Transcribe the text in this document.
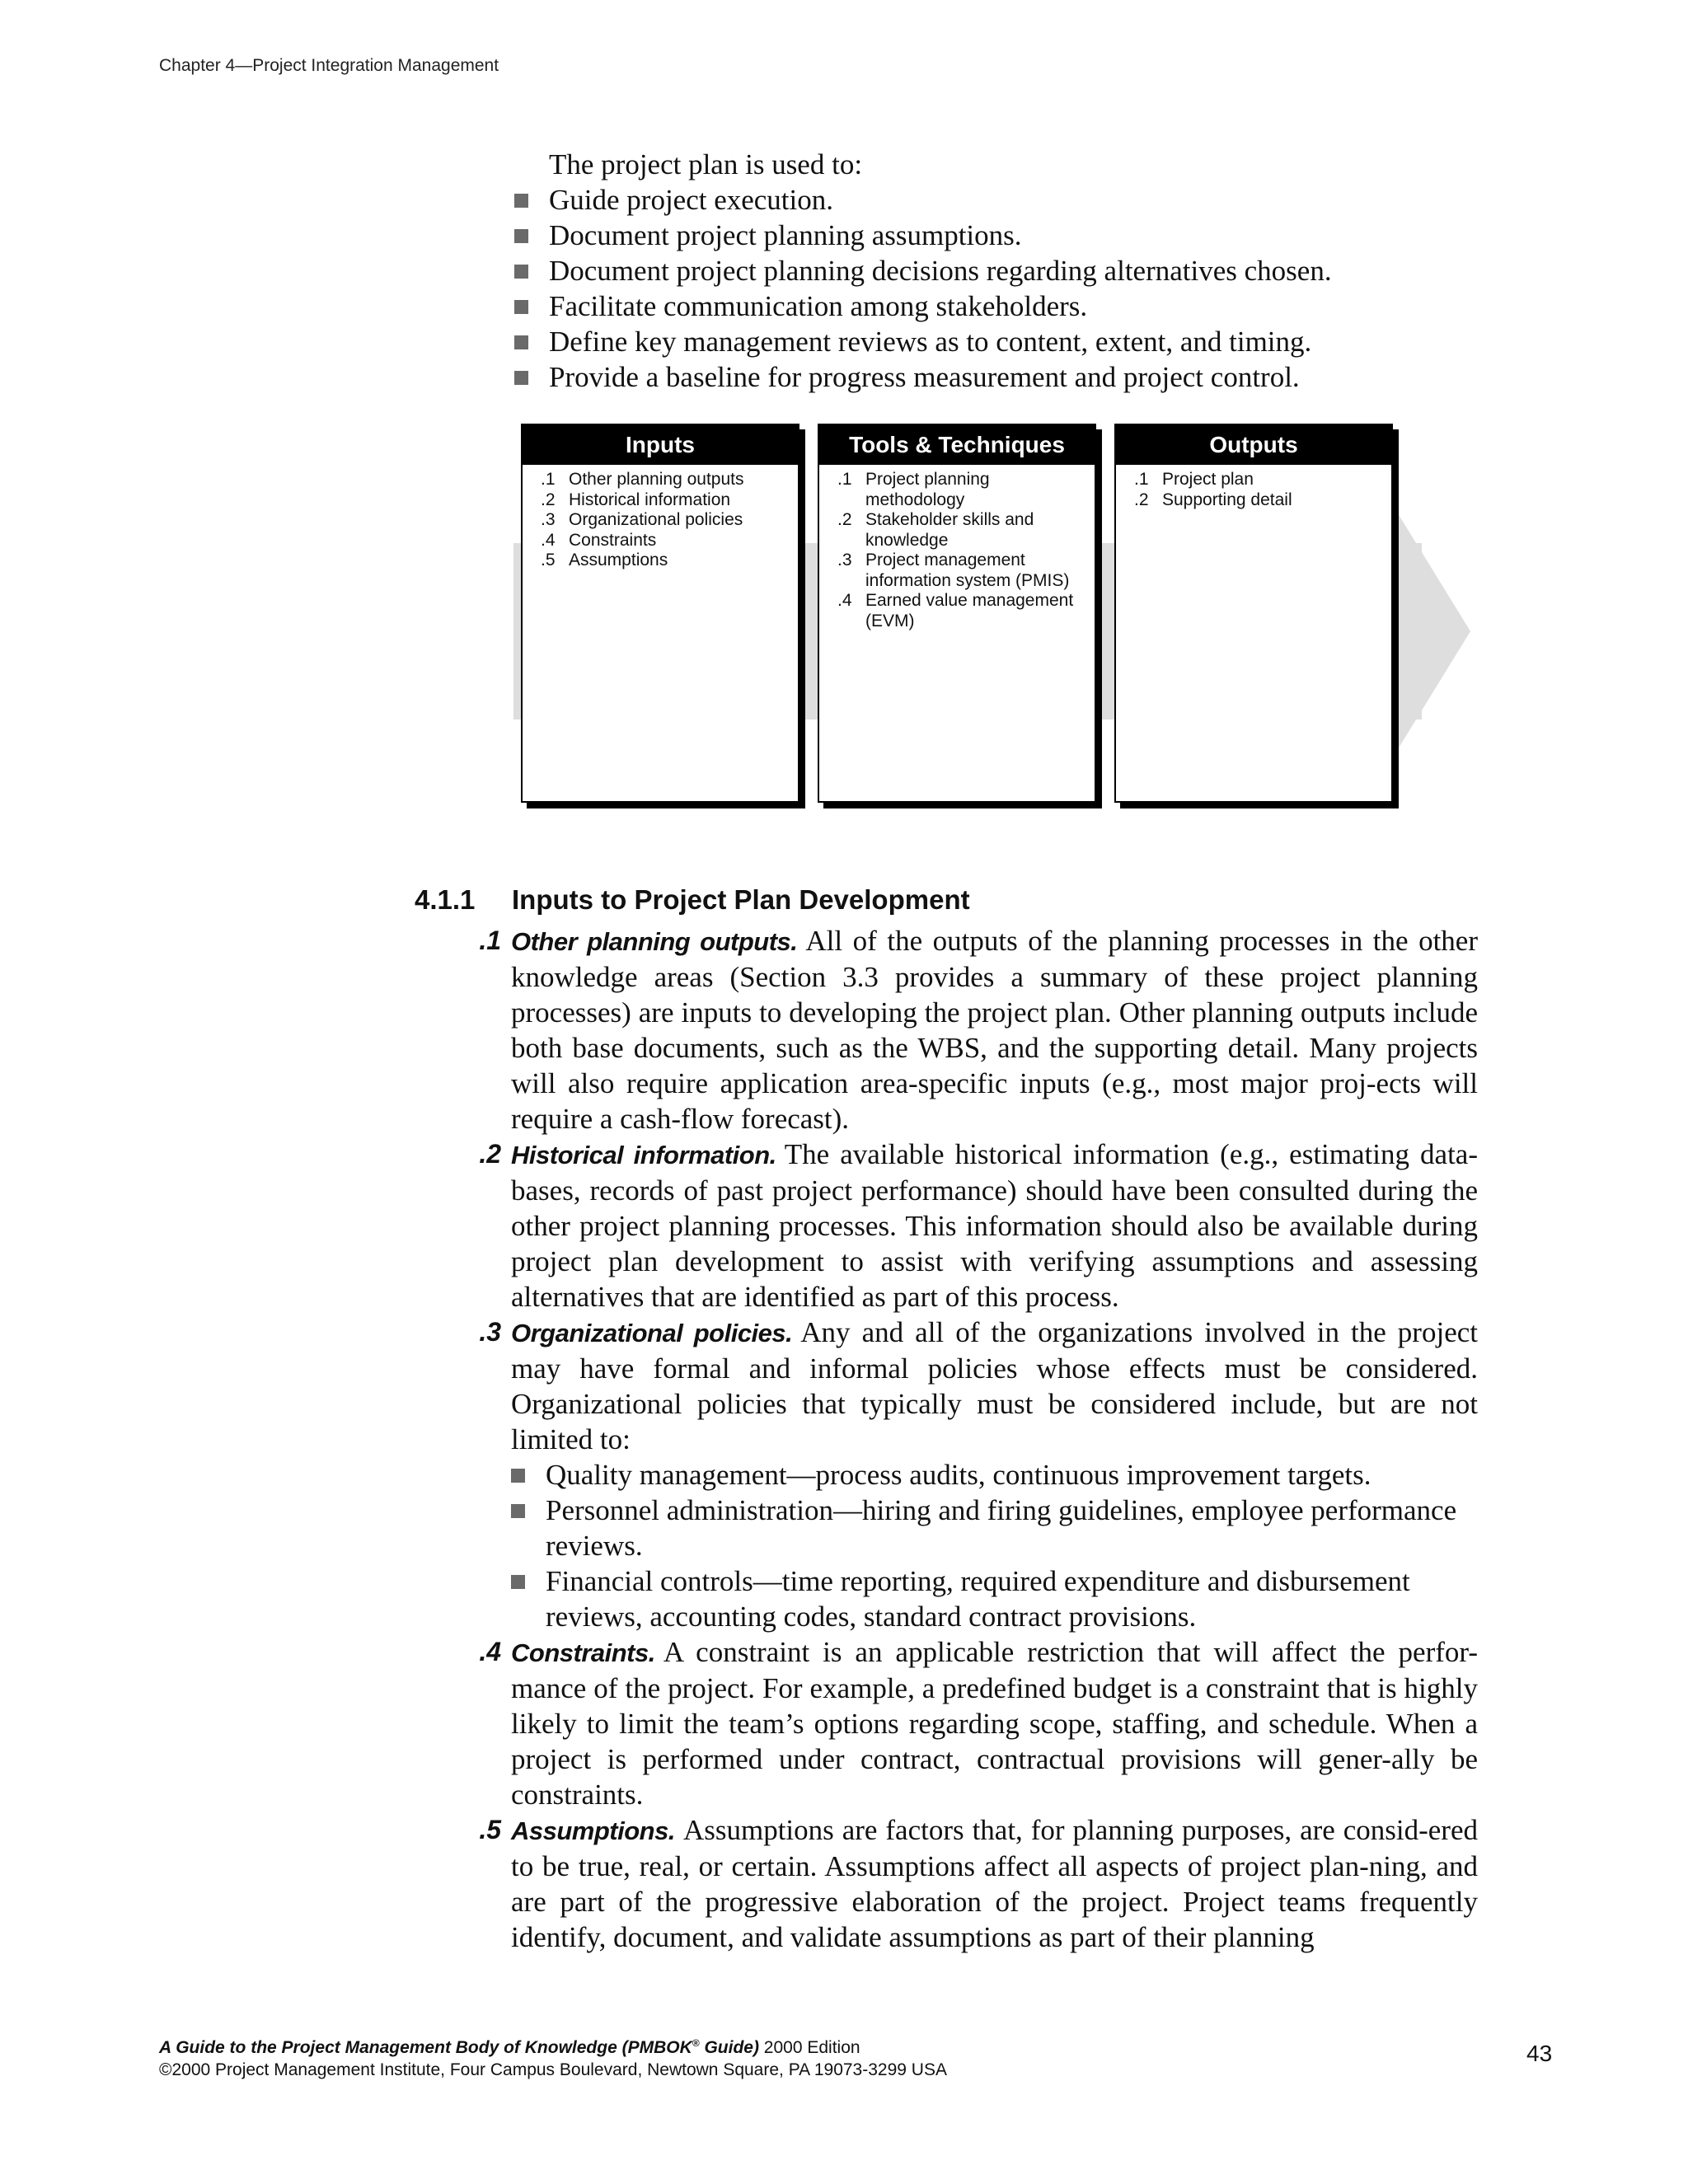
Chapter 4—Project Integration Management
The project plan is used to:
Guide project execution.
Document project planning assumptions.
Document project planning decisions regarding alternatives chosen.
Facilitate communication among stakeholders.
Define key management reviews as to content, extent, and timing.
Provide a baseline for progress measurement and project control.
Inputs
.1 Other planning outputs
.2 Historical information
.3 Organizational policies
.4 Constraints
.5 Assumptions
Tools & Techniques
.1 Project planning methodology
.2 Stakeholder skills and knowledge
.3 Project management information system (PMIS)
.4 Earned value management (EVM)
Outputs
.1 Project plan
.2 Supporting detail
4.1.1 Inputs to Project Plan Development
.1 Other planning outputs. All of the outputs of the planning processes in the other knowledge areas (Section 3.3 provides a summary of these project planning processes) are inputs to developing the project plan. Other planning outputs include both base documents, such as the WBS, and the supporting detail. Many projects will also require application area-specific inputs (e.g., most major proj-ects will require a cash-flow forecast).
.2 Historical information. The available historical information (e.g., estimating data-bases, records of past project performance) should have been consulted during the other project planning processes. This information should also be available during project plan development to assist with verifying assumptions and assessing alternatives that are identified as part of this process.
.3 Organizational policies. Any and all of the organizations involved in the project may have formal and informal policies whose effects must be considered. Organizational policies that typically must be considered include, but are not limited to:
Quality management—process audits, continuous improvement targets.
Personnel administration—hiring and firing guidelines, employee performance reviews.
Financial controls—time reporting, required expenditure and disbursement reviews, accounting codes, standard contract provisions.
.4 Constraints. A constraint is an applicable restriction that will affect the perfor-mance of the project. For example, a predefined budget is a constraint that is highly likely to limit the team’s options regarding scope, staffing, and schedule. When a project is performed under contract, contractual provisions will gener-ally be constraints.
.5 Assumptions. Assumptions are factors that, for planning purposes, are consid-ered to be true, real, or certain. Assumptions affect all aspects of project plan-ning, and are part of the progressive elaboration of the project. Project teams frequently identify, document, and validate assumptions as part of their planning
A Guide to the Project Management Body of Knowledge (PMBOK® Guide) 2000 Edition
©2000 Project Management Institute, Four Campus Boulevard, Newtown Square, PA 19073-3299 USA
43
